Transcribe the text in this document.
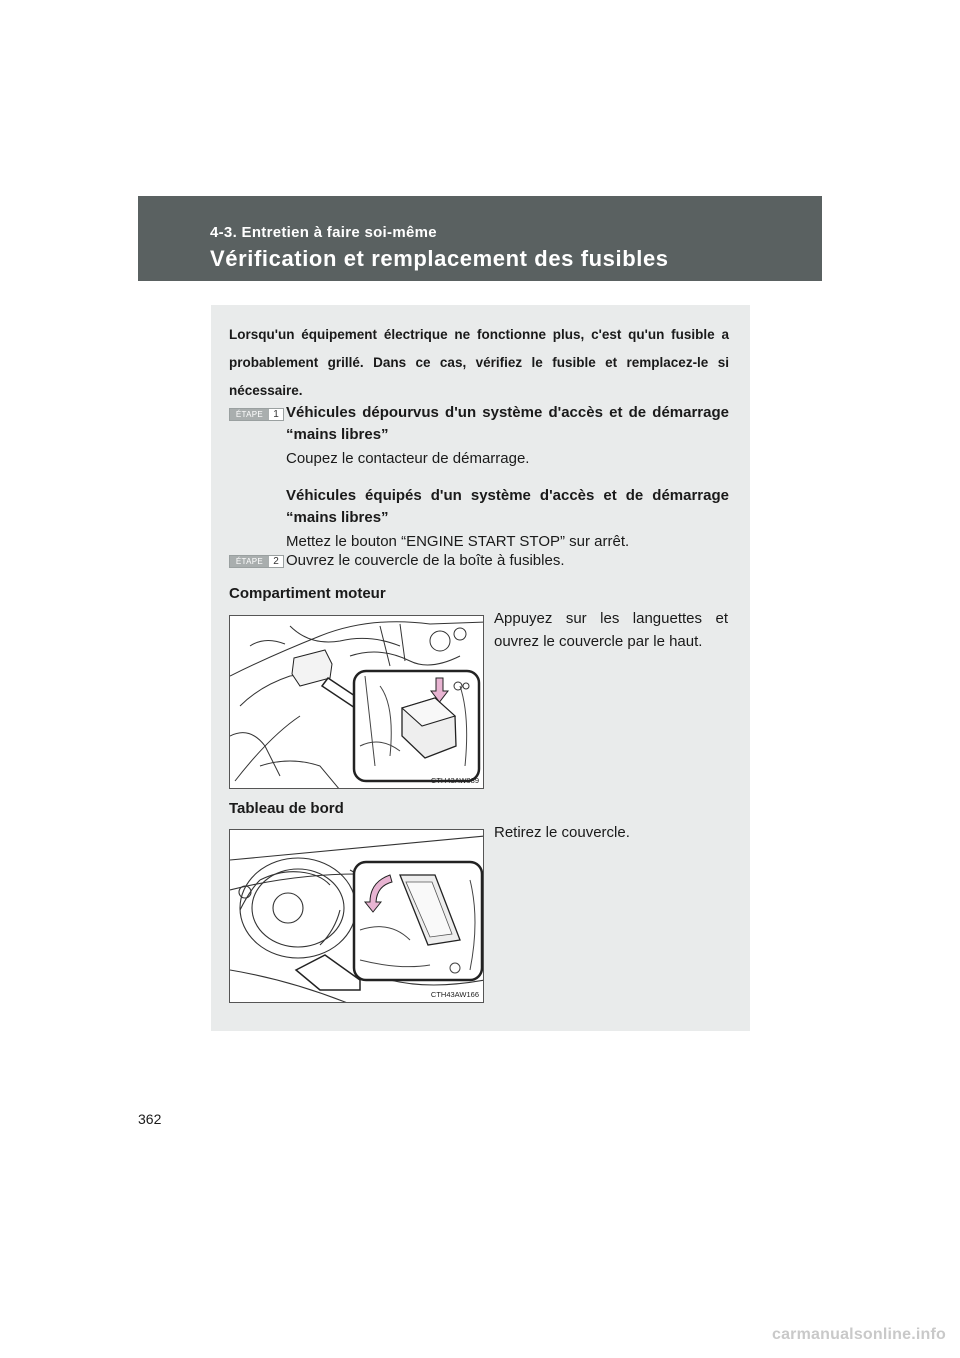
4-3. Entretien à faire soi-même
Vérification et remplacement des fusibles
Lorsqu'un équipement électrique ne fonctionne plus, c'est qu'un fusible a probablement grillé. Dans ce cas, vérifiez le fusible et remplacez-le si nécessaire.
ÉTAPE	1 Véhicules dépourvus d'un système d'accès et de démarrage “mains libres”
Coupez le contacteur de démarrage.
Véhicules équipés d'un système d'accès et de démarrage “mains libres”
Mettez le bouton “ENGINE START STOP” sur arrêt.
ÉTAPE	2 Ouvrez le couvercle de la boîte à fusibles.
Compartiment moteur
CTH43AW039
Appuyez sur les languettes et ouvrez le couvercle par le haut.
Tableau de bord
CTH43AW166
Retirez le couvercle.
362
carmanualsonline.info
